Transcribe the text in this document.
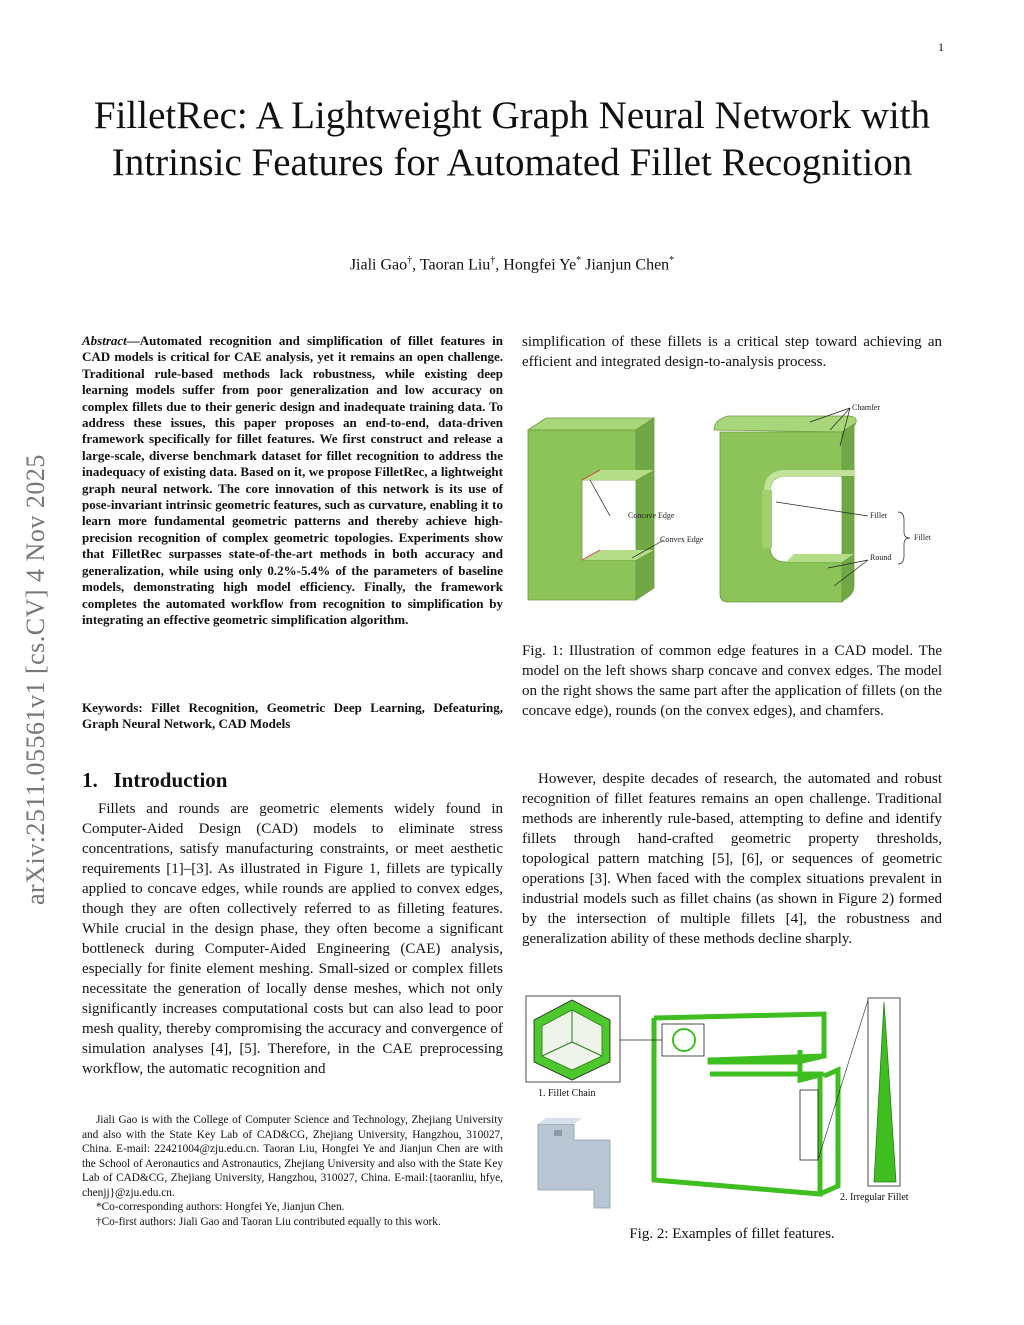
1
arXiv:2511.05561v1 [cs.CV] 4 Nov 2025
FilletRec: A Lightweight Graph Neural Network with Intrinsic Features for Automated Fillet Recognition
Jiali Gao†, Taoran Liu†, Hongfei Ye* Jianjun Chen*
Abstract—Automated recognition and simplification of fillet features in CAD models is critical for CAE analysis, yet it remains an open challenge. Traditional rule-based methods lack robustness, while existing deep learning models suffer from poor generalization and low accuracy on complex fillets due to their generic design and inadequate training data. To address these issues, this paper proposes an end-to-end, data-driven framework specifically for fillet features. We first construct and release a large-scale, diverse benchmark dataset for fillet recognition to address the inadequacy of existing data. Based on it, we propose FilletRec, a lightweight graph neural network. The core innovation of this network is its use of pose-invariant intrinsic geometric features, such as curvature, enabling it to learn more fundamental geometric patterns and thereby achieve high-precision recognition of complex geometric topologies. Experiments show that FilletRec surpasses state-of-the-art methods in both accuracy and generalization, while using only 0.2%-5.4% of the parameters of baseline models, demonstrating high model efficiency. Finally, the framework completes the automated workflow from recognition to simplification by integrating an effective geometric simplification algorithm.
Keywords: Fillet Recognition, Geometric Deep Learning, Defeaturing, Graph Neural Network, CAD Models
1. Introduction
Fillets and rounds are geometric elements widely found in Computer-Aided Design (CAD) models to eliminate stress concentrations, satisfy manufacturing constraints, or meet aesthetic requirements [1]–[3]. As illustrated in Figure 1, fillets are typically applied to concave edges, while rounds are applied to convex edges, though they are often collectively referred to as filleting features. While crucial in the design phase, they often become a significant bottleneck during Computer-Aided Engineering (CAE) analysis, especially for finite element meshing. Small-sized or complex fillets necessitate the generation of locally dense meshes, which not only significantly increases computational costs but can also lead to poor mesh quality, thereby compromising the accuracy and convergence of simulation analyses [4], [5]. Therefore, in the CAE preprocessing workflow, the automatic recognition and

Jiali Gao is with the College of Computer Science and Technology, Zhejiang University and also with the State Key Lab of CAD&CG, Zhejiang University, Hangzhou, 310027, China. E-mail: 22421004@zju.edu.cn. Taoran Liu, Hongfei Ye and Jianjun Chen are with the School of Aeronautics and Astronautics, Zhejiang University and also with the State Key Lab of CAD&CG, Zhejiang University, Hangzhou, 310027, China. E-mail:{taoranliu, hfye, chenjj}@zju.edu.cn.

*Co-corresponding authors: Hongfei Ye, Jianjun Chen.

†Co-first authors: Jiali Gao and Taoran Liu contributed equally to this work.

simplification of these fillets is a critical step toward achieving an efficient and integrated design-to-analysis process.
Chamfer
Concave Edge
Convex Edge
Fillet
Round
Fillet
Fig. 1: Illustration of common edge features in a CAD model. The model on the left shows sharp concave and convex edges. The model on the right shows the same part after the application of fillets (on the concave edge), rounds (on the convex edges), and chamfers.
However, despite decades of research, the automated and robust recognition of fillet features remains an open challenge. Traditional methods are inherently rule-based, attempting to define and identify fillets through hand-crafted geometric property thresholds, topological pattern matching [5], [6], or sequences of geometric operations [3]. When faced with the complex situations prevalent in industrial models such as fillet chains (as shown in Figure 2) formed by the intersection of multiple fillets [4], the robustness and generalization ability of these methods decline sharply.
1. Fillet Chain
2. Irregular Fillet
Fig. 2: Examples of fillet features.
